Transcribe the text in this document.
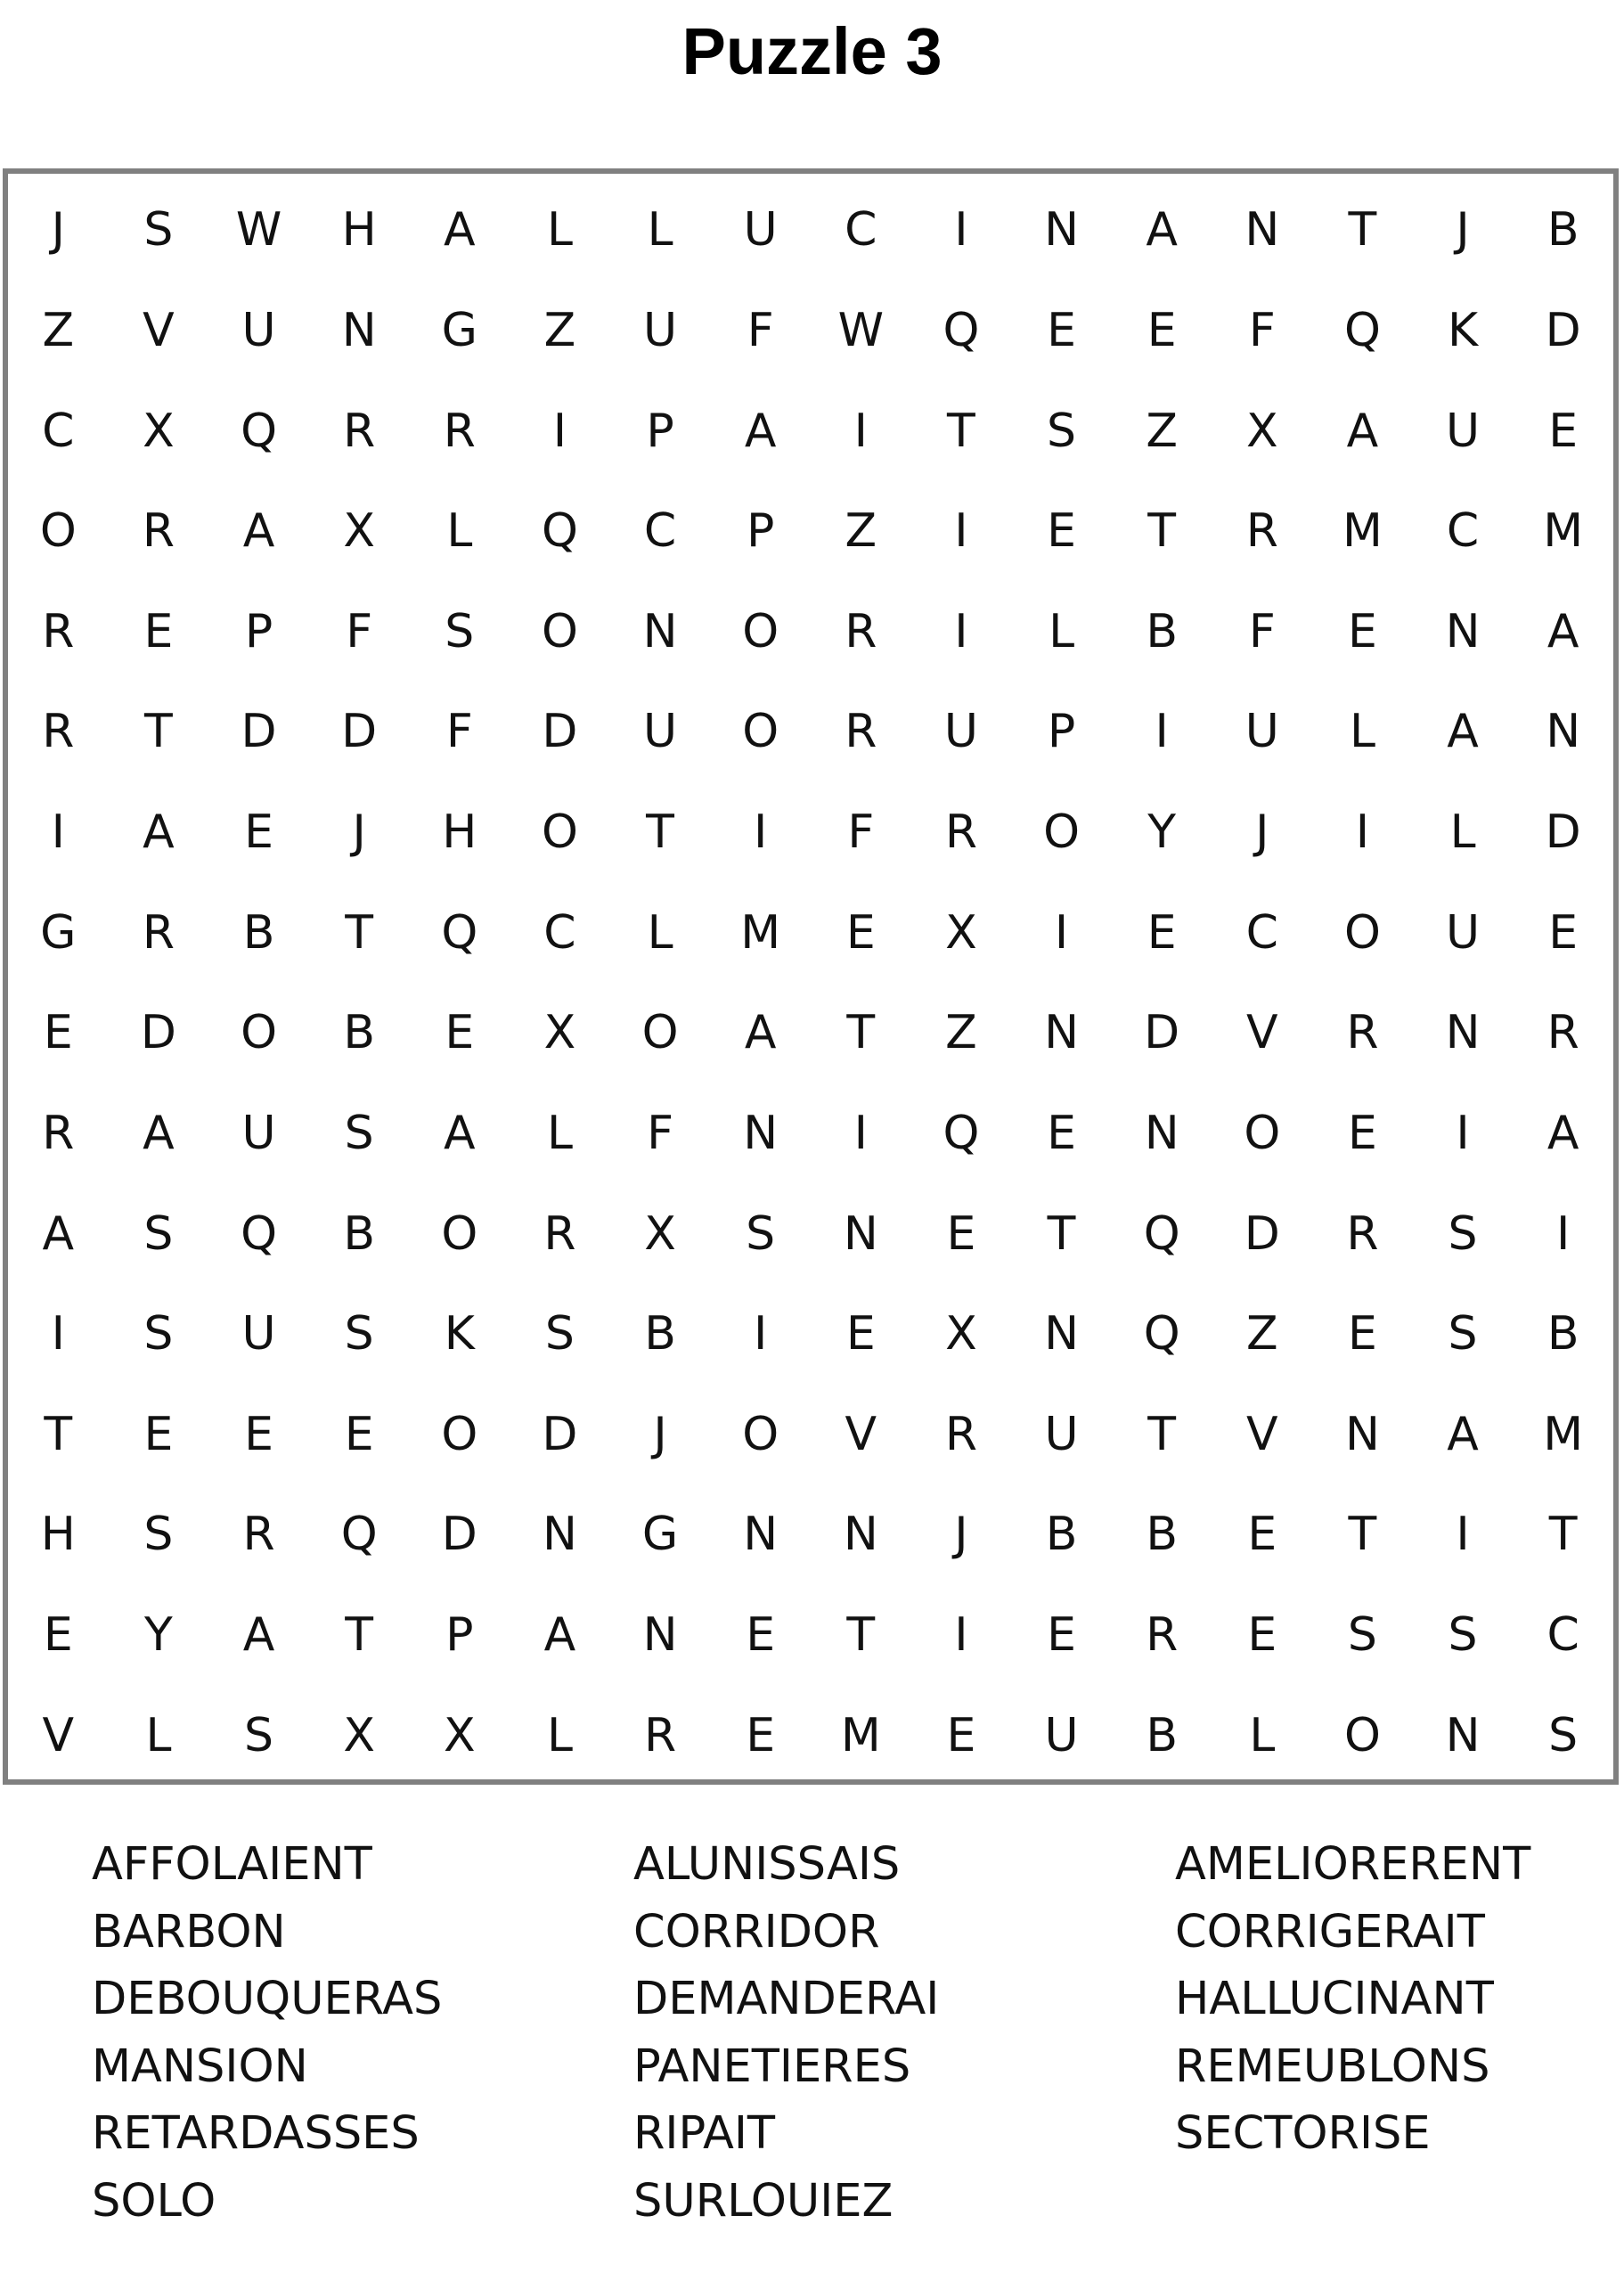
Puzzle 3
J	S	W	H	A	L	L	U	C	I	N	A	N	T	J	B
Z	V	U	N	G	Z	U	F	W	Q	E	E	F	Q	K	D
C	X	Q	R	R	I	P	A	I	T	S	Z	X	A	U	E
O	R	A	X	L	Q	C	P	Z	I	E	T	R	M	C	M
R	E	P	F	S	O	N	O	R	I	L	B	F	E	N	A
R	T	D	D	F	D	U	O	R	U	P	I	U	L	A	N
I	A	E	J	H	O	T	I	F	R	O	Y	J	I	L	D
G	R	B	T	Q	C	L	M	E	X	I	E	C	O	U	E
E	D	O	B	E	X	O	A	T	Z	N	D	V	R	N	R
R	A	U	S	A	L	F	N	I	Q	E	N	O	E	I	A
A	S	Q	B	O	R	X	S	N	E	T	Q	D	R	S	I
I	S	U	S	K	S	B	I	E	X	N	Q	Z	E	S	B
T	E	E	E	O	D	J	O	V	R	U	T	V	N	A	M
H	S	R	Q	D	N	G	N	N	J	B	B	E	T	I	T
E	Y	A	T	P	A	N	E	T	I	E	R	E	S	S	C
V	L	S	X	X	L	R	E	M	E	U	B	L	O	N	S
AFFOLAIENT	ALUNISSAIS	AMELIORERENT
BARBON	CORRIDOR	CORRIGERAIT
DEBOUQUERAS	DEMANDERAI	HALLUCINANT
MANSION	PANETIERES	REMEUBLONS
RETARDASSES	RIPAIT	SECTORISE
SOLO	SURLOUIEZ
